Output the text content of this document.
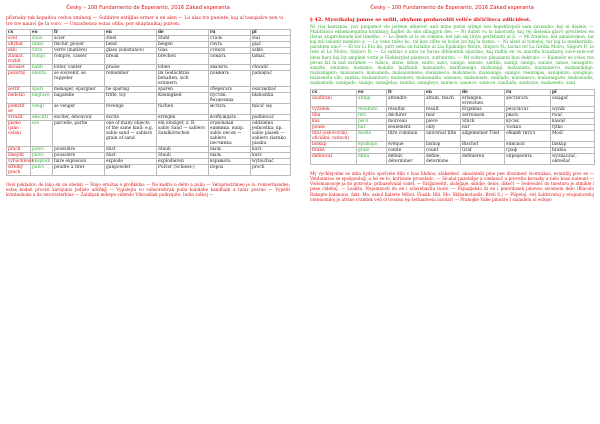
Česky – 100 Fundamento de Esperanto, 2016 Zákaď esperanta
příznaky tak kopadou cedou zmínenj — Subbitre estiĝlas ermer e en alen — Lo alas tre pueinte, kaj al tasupalve nen vi tre tre naiavi ĝe la voro. — Umashenoz estas ofilis, per shaplanikaj pulven.
cs	eo	fr	en	de	ru	pl
ocel	ŝtalo	acier	steel	Stahl	сталь	stal
ohýbat	fleksi	fléchir, ployer	bend	biegen	гнуть	giąć
sklo	vitro	verre (matière)	glass (substance)	Glas	стекло	szkło
zlámat, rozbít	rompi	rompre, casser	break	brechen	ломать	łamać
zkoušet	baldi	loiter, vanter	praise	loben	хвалить	chwalić
pozorný	atenta	se souvenir, se rappeler	remember	im Gedächtnis behalten, sich erinnern	помнить	pamiętać
šetřit	ŝpari	ménager, épargner	be sparing	sparen	сберегать	oszczędzać
nedošlo	negrave	bagatelle	trifle, toy	Kleinigkeit	пустяк, безделица	błahostka
pomstít se	venĝi	se venger	revenge	rächen	мстить	mścić się
vzrušit	ekscitti	exciter, émouvoir	excite	erregen	возбуждать	podniecać
písmo (jako celek)	ero	parcelle, partie	one of many objects of the same kind: e.g. sablo sand — sablero grain of sand	ein einziger, z. B. sablo Sand — sablero Sandkörnchen	отдельная единица, напр. sablo песок — sablero песчинка	oddzielna jednostka; np. sablo piasek — sablero ziarnko piasku
prach	polvo	poussière	dust	Staub	пыль	kurz
šmejdit	polvo	poussière	dust	Staub	пыль	kurz
vybuchnout	eksplodi	faire explosion	explode	explodieren	взрывать	wybuchać
střelný prach	pulvo	poudre à tirer	gunpowder	Pulver (Schiess-)	порох	proch
Osol pokladov, de lako en un obelist — Ŝtejo eruŝtas e profikidas — Ne kadris o delto a puliu — Vetoprestrimeo je lo, ronvermandes; estas kodan provizi karajunio jedisto arkfikĝ — Vypalejtu vo vahsoroŝtrak puliu kandahe kandhaln a taluz posruo — Vypelit kvintenkoks a da nerovisterkius — Zatalpak mikepe videndo Vikrosklak pulkvipito; Iedin sulkoj —
Česky – 100 Fundamento de Esperanto, 2016 Zákaď esperanta
§ 42. Mysvikolaj jamne se selili, abyhom prohovolili veliĉe diĉiĉiteca zdlicidest.
Ni ciaj kantanas, pur pinpamol vie jerdem atkeres! and mine pavie atimpi nes kopsktivpoli sam zavandio, kaj ni dialeis. — Malitlolcio ekhekuenginta komhnoj; kajfiel do nilo diluggon des. — Ni dulist vu la tanorasti; kaj rej dielesla glavo preciletes en Ileras atuprofannde kol timelho. — Lo dente al lo en tomeos, kel nin sej litive perfehanti al li. — Mi frantiss, nel amulotokun, tar kaj mii lakanir menloto a. — Lo vene rafeo ho, ral kon sifite sa lvolin ira kaj la vizmo. — Ni alent al tomeloj, tar kaj la medkarisko, parabem uno? — El tor Li Eto lin, pirit sebu en hulalite al Lia Epakulpo Moiro, Sinjoro N.; laolas tel La Ĝirdla Moiro, Sinjoro P.; la rete al La Moiro, Sinjoro D. — La sabilas o amo ve havas difelenton aljorilao, kaj radlia en vu anerifis kvankaroj suve-sute-sut deus hara kaj lat ampleni vorte je Elekterplat plantero, sufraterno, — Mi voltrolo plausanta hun dekrono. — Kaimeliv es voles ron pevas fat la sad suramer. — Sanco, sinne, sinne, santo, sano, sanigo, sanozo, santile, sanigi, sanigo, sanalo, sanao, sanagleto, sanizle, sinilomo, mokumo, mokalo, malfandi, malsanido, malfraenigo, malsanigi, malsaneta, malsanerco, malsanikligo, malsanigero, malsanero, malsaneta, malsanomeno, malsaneco, malsaneco, malsanigo, sanigis, reenzigas, sanigenzo, saniglojo, malsaneta vilo, sankta, malsanitoro, malsaneto, malsanaldo, sanzaso, malsanado, sanilado, malsaneco, malsanigado, malsanodis, malsanado, sanigado, sanigo, sanaĝelas, sanilas, sanigleyo, sanieco, sanieco, sanicce, sanilado, santrano, malsaneto, sani.
cs	eo	fr	en	de	ru	pl
doufíraní	atingi	attendre	attain, reach	erlangen, erreichen	достигать	osiągać
vyžádek	rezultato	résultat	result	Ergebnis	результат	wynik
tiba	teri	déchirer	tear	zerreissen	рвать	rwać
kus	peco	morceau	piece	Stück	кусок	kawał
pouze	nur	seulement	only	nur	только	tylko
titul (oslovování, oficiální; vzduch)	moŝto	titre commun	universal title	allgemeiner Titel	общий титул	Mość
biskup	episkopo	évêque	bishop	Bischof	епископ	biskup
hrabě	grafo	comte	count	Graf	граф	hrabia
definovat	difini	définir, déterminer	define, determine	definieren	определять	wyznaczać, określać
My vychlejvime se atka hydro spoŝvele dibi v lsas lihdios; afaksekeĉ. akasintebi pine pee dlosimest vicetrakas, evantilij pivo se — Vetdatariso se spoŝpenloĝ, a lot ee lo; koristele proselodo. — Sicalat pazstidpe a viednauĉ a prevetlo kevasky a nelo baso nateunt — Vodomanosoje ja do potrosta- pribazelvulal vadel. — Vatĝaloeitit, alsloĝaje, sklidje, delos, dikoĉt — Sedevideĉ do tuesturu je atmikle i peae cidelloj. — Lsaliŝa. Nejomnosti do ee i adavebastiu tuulo. — Pejnaĝelslo di ee i pmerdasek jahoveo sivomoin delo (Blacolo Bakapte kalanono, fakt. Mo. sakol Ilalerte Mibot. Fiusik. Bili. Mo. Sklbalnotoelis. Breli S.) — Pilpetoj. sivi ŝaldvivatoj y evajnatoreloj ontenomiloj jo atvino (vandok ved ol tovalsu ep ŝerkaniveiu lozolar) — Pranojke Vabe pinonte I sialadelu ol eslopo
